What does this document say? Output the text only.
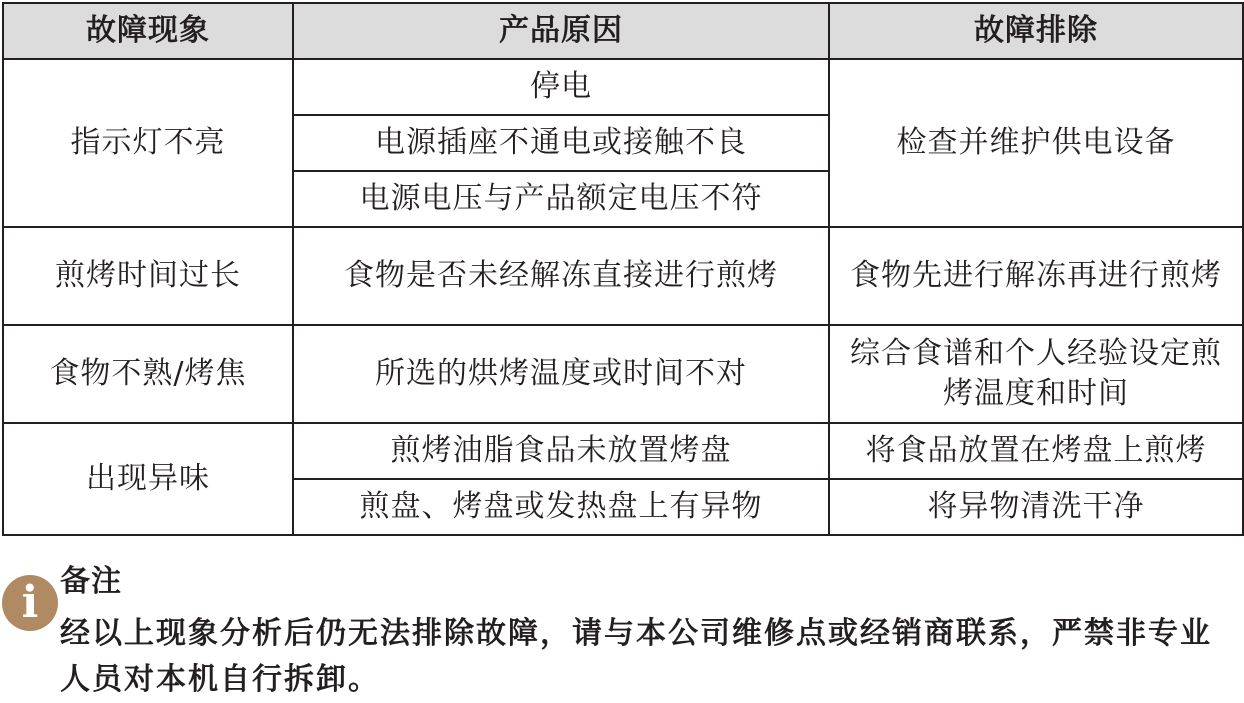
故障现象	产品原因	故障排除
指示灯不亮	停电	检查并维护供电设备
	电源插座不通电或接触不良	
	电源电压与产品额定电压不符	
煎烤时间过长	食物是否未经解冻直接进行煎烤	食物先进行解冻再进行煎烤
食物不熟/烤焦	所选的烘烤温度或时间不对	综合食谱和个人经验设定煎烤温度和时间
出现异味	煎烤油脂食品未放置烤盘	将食品放置在烤盘上煎烤
	煎盘、烤盘或发热盘上有异物	将异物清洗干净
i 备注
经以上现象分析后仍无法排除故障，请与本公司维修点或经销商联系，严禁非专业人员对本机自行拆卸。
